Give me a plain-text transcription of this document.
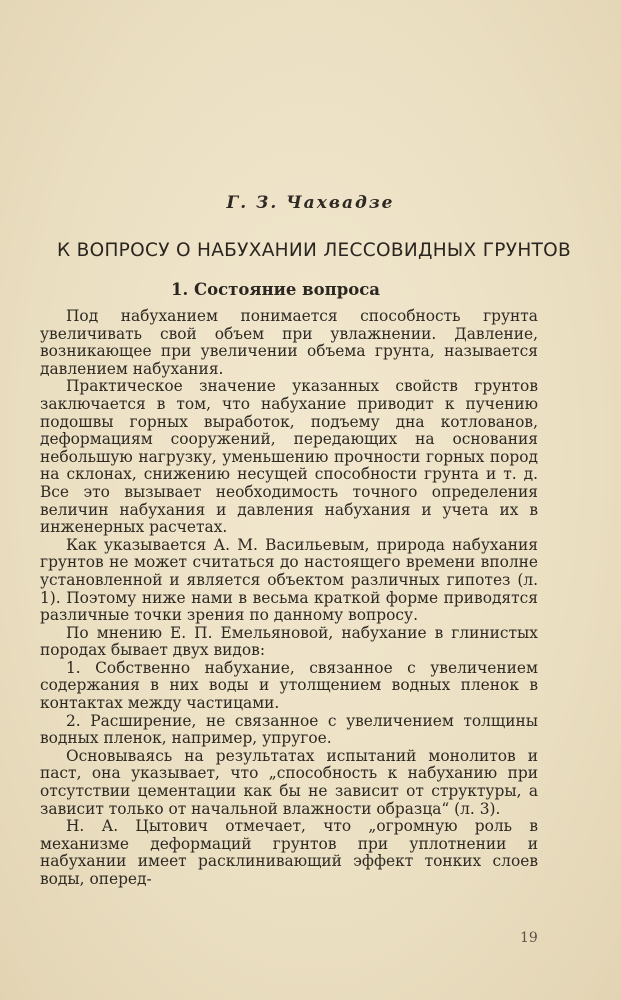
Г. З. Чахвадзе
К ВОПРОСУ О НАБУХАНИИ ЛЕССОВИДНЫХ ГРУНТОВ
1. Состояние вопроса

Под набуханием понимается способность грунта увеличивать свой объем при увлажнении. Давление, возникающее при увеличении объема грунта, называется давлением набухания.

Практическое значение указанных свойств грунтов заключается в том, что набухание приводит к пучению подошвы горных выработок, подъему дна котлованов, деформациям сооружений, передающих на основания небольшую нагрузку, уменьшению прочности горных пород на склонах, снижению несущей способности грунта и т. д. Все это вызывает необходимость точного определения величин набухания и давления набухания и учета их в инженерных расчетах.

Как указывается А. М. Васильевым, природа набухания грунтов не может считаться до настоящего времени вполне установленной и является объектом различных гипотез (л. 1). Поэтому ниже нами в весьма краткой форме приводятся различные точки зрения по данному вопросу.

По мнению Е. П. Емельяновой, набухание в глинистых породах бывает двух видов:

1. Собственно набухание, связанное с увеличением содержания в них воды и утолщением водных пленок в контактах между частицами.

2. Расширение, не связанное с увеличением толщины водных пленок, например, упругое.

Основываясь на результатах испытаний монолитов и паст, она указывает, что „способность к набуханию при отсутствии цементации как бы не зависит от структуры, а зависит только от начальной влажности образца“ (л. 3).

Н. А. Цытович отмечает, что „огромную роль в механизме деформаций грунтов при уплотнении и набухании имеет расклинивающий эффект тонких слоев воды, оперед-

19
